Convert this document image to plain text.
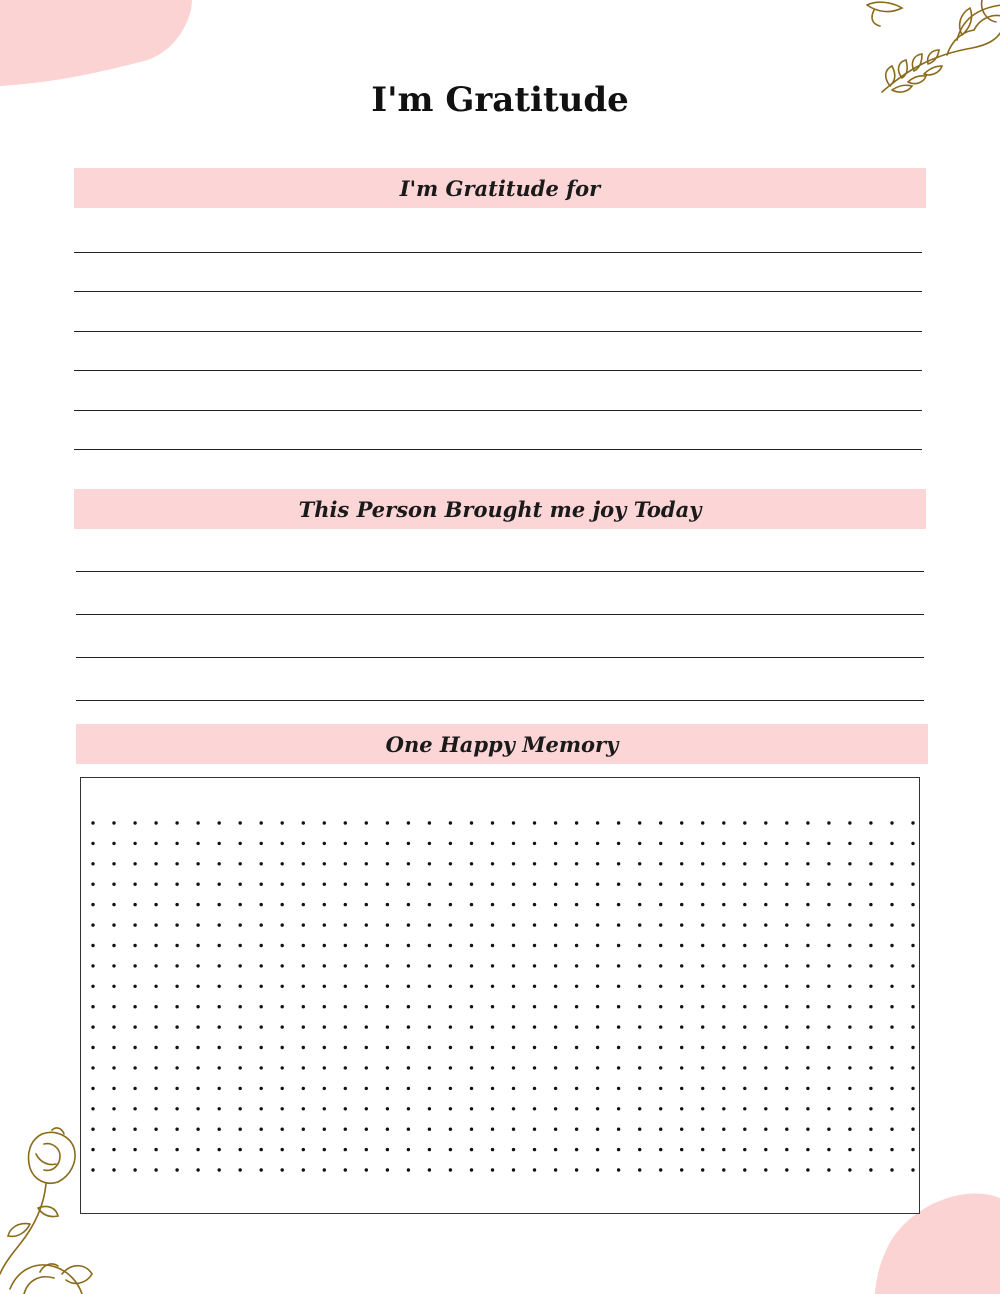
I'm Gratitude
I'm Gratitude for
This Person Brought me joy Today
One Happy Memory
